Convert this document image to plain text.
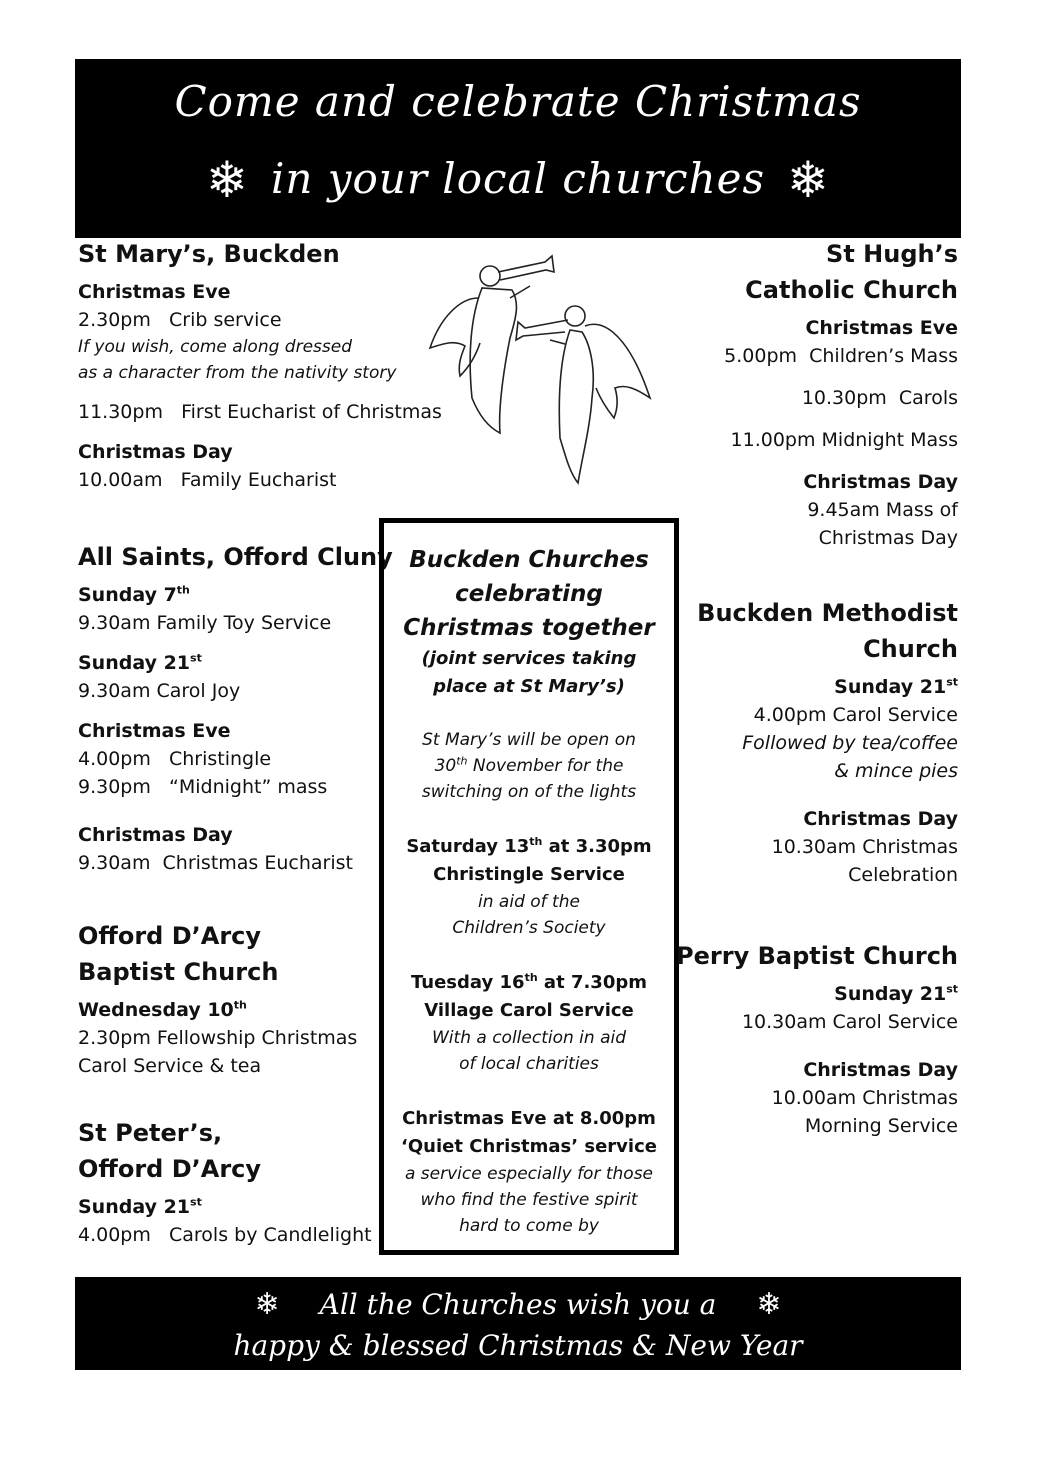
Come and celebrate Christmas
❄ in your local churches ❄
St Mary’s, Buckden
Christmas Eve
2.30pm   Crib service
If you wish, come along dressed
as a character from the nativity story
11.30pm   First Eucharist of Christmas
Christmas Day
10.00am   Family Eucharist
All Saints, Offord Cluny
Sunday 7th
9.30am Family Toy Service
Sunday 21st
9.30am Carol Joy
Christmas Eve
4.00pm   Christingle
9.30pm   “Midnight” mass
Christmas Day
9.30am  Christmas Eucharist
Offord D’Arcy
Baptist Church
Wednesday 10th
2.30pm Fellowship Christmas
Carol Service & tea
St Peter’s,
Offord D’Arcy
Sunday 21st
4.00pm   Carols by Candlelight
Buckden Churches
celebrating
Christmas together
(joint services taking
place at St Mary’s)
St Mary’s will be open on
30th November for the
switching on of the lights
Saturday 13th at 3.30pm
Christingle Service
in aid of the
Children’s Society
Tuesday 16th at 7.30pm
Village Carol Service
With a collection in aid
of local charities
Christmas Eve at 8.00pm
‘Quiet Christmas’ service
a service especially for those
who find the festive spirit
hard to come by
St Hugh’s
Catholic Church
Christmas Eve
5.00pm  Children’s Mass
10.30pm  Carols
11.00pm Midnight Mass
Christmas Day
9.45am Mass of
Christmas Day
Buckden Methodist
Church
Sunday 21st
4.00pm Carol Service
Followed by tea/coffee
& mince pies
Christmas Day
10.30am Christmas
Celebration
Perry Baptist Church
Sunday 21st
10.30am Carol Service
Christmas Day
10.00am Christmas
Morning Service
❄ All the Churches wish you a ❄
happy & blessed Christmas & New Year
